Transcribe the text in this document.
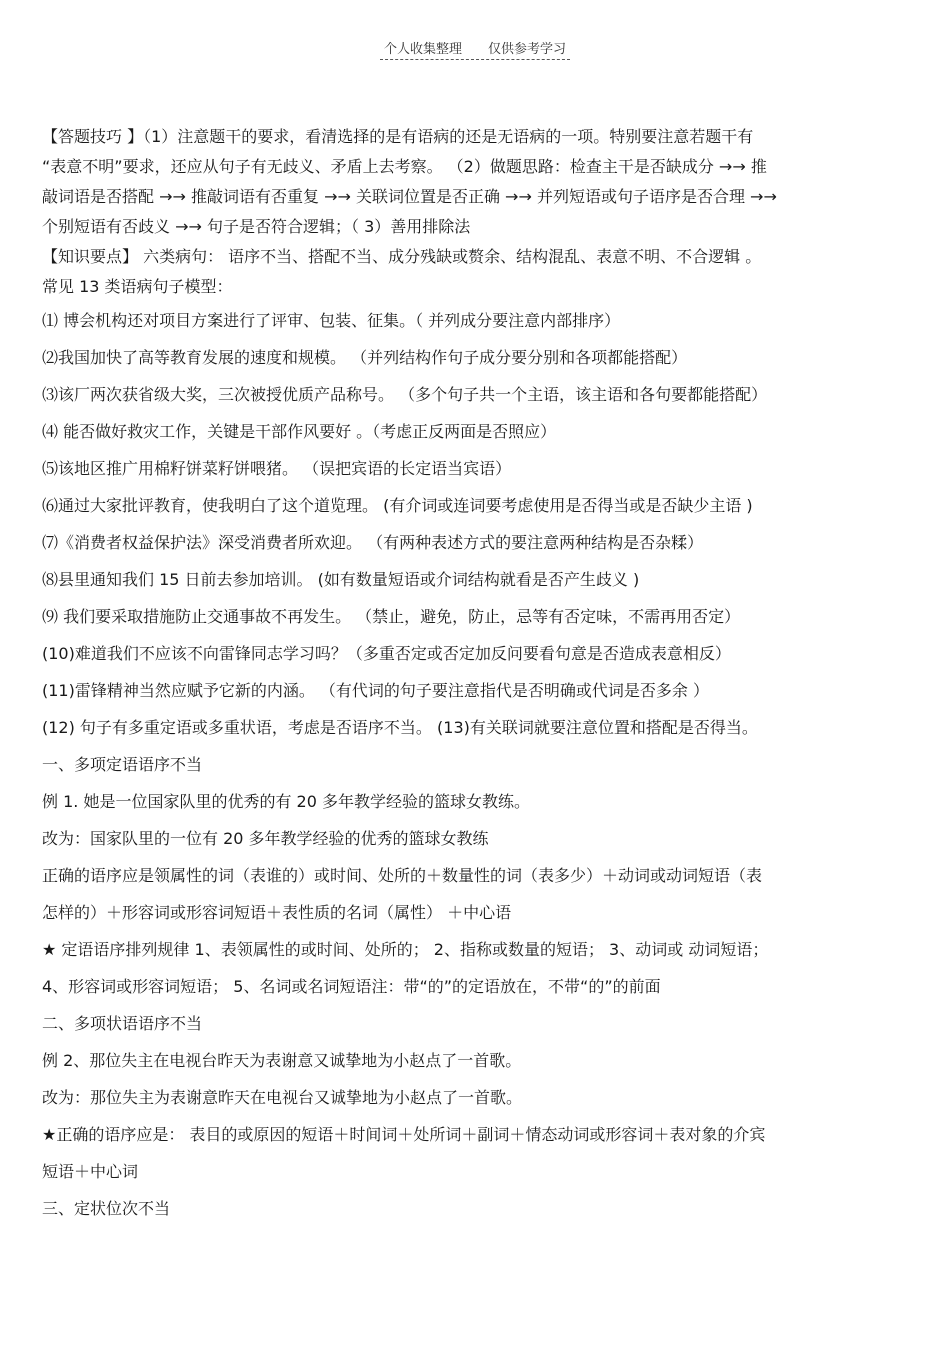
个人收集整理 仅供参考学习
【答题技巧 】（1）注意题干的要求，看清选择的是有语病的还是无语病的一项。特别要注意若题干有
“表意不明”要求，还应从句子有无歧义、矛盾上去考察。 （2）做题思路：检查主干是否缺成分 →→ 推
敲词语是否搭配 →→ 推敲词语有否重复 →→ 关联词位置是否正确 →→ 并列短语或句子语序是否合理 →→
个别短语有否歧义 →→ 句子是否符合逻辑；（ 3）善用排除法
【知识要点】 六类病句： 语序不当、搭配不当、成分残缺或赘余、结构混乱、表意不明、不合逻辑 。
常见 13 类语病句子模型：
⑴ 博会机构还对项目方案进行了评审、包装、征集。（ 并列成分要注意内部排序）
⑵我国加快了高等教育发展的速度和规模。 （并列结构作句子成分要分别和各项都能搭配）
⑶该厂两次获省级大奖，三次被授优质产品称号。 （多个句子共一个主语，该主语和各句要都能搭配）
⑷ 能否做好救灾工作，关键是干部作风要好 。（考虑正反两面是否照应）
⑸该地区推广用棉籽饼菜籽饼喂猪。 （误把宾语的长定语当宾语）
⑹通过大家批评教育，使我明白了这个道览理。 (有介词或连词要考虑使用是否得当或是否缺少主语 )
⑺《消费者权益保护法》深受消费者所欢迎。 （有两种表述方式的要注意两种结构是否杂糅）
⑻县里通知我们 15 日前去参加培训。 (如有数量短语或介词结构就看是否产生歧义 )
⑼ 我们要采取措施防止交通事故不再发生。 （禁止，避免，防止，忌等有否定味，不需再用否定）
(10)难道我们不应该不向雷锋同志学习吗？（多重否定或否定加反问要看句意是否造成表意相反）
(11)雷锋精神当然应赋予它新的内涵。 （有代词的句子要注意指代是否明确或代词是否多余 ）
(12) 句子有多重定语或多重状语，考虑是否语序不当。 (13)有关联词就要注意位置和搭配是否得当。
一、多项定语语序不当
例 1. 她是一位国家队里的优秀的有 20 多年教学经验的篮球女教练。
改为：国家队里的一位有 20 多年教学经验的优秀的篮球女教练
正确的语序应是领属性的词（表谁的）或时间、处所的＋数量性的词（表多少）＋动词或动词短语（表
怎样的）＋形容词或形容词短语＋表性质的名词（属性） ＋中心语
★ 定语语序排列规律 1、表领属性的或时间、处所的； 2、指称或数量的短语； 3、动词或 动词短语；
4、形容词或形容词短语； 5、名词或名词短语注：带“的”的定语放在，不带“的”的前面
二、多项状语语序不当
例 2、那位失主在电视台昨天为表谢意又诚挚地为小赵点了一首歌。
改为：那位失主为表谢意昨天在电视台又诚挚地为小赵点了一首歌。
★正确的语序应是： 表目的或原因的短语＋时间词＋处所词＋副词＋情态动词或形容词＋表对象的介宾
短语＋中心词
三、定状位次不当
